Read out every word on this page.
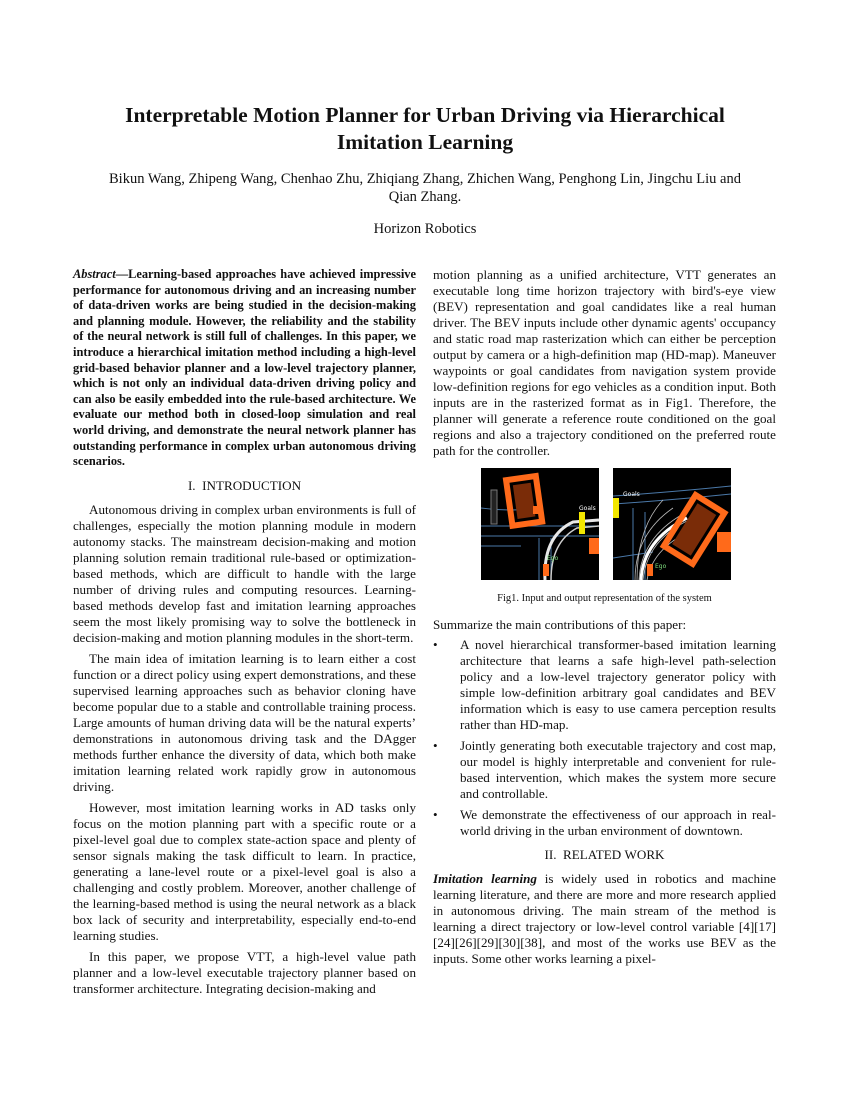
Interpretable Motion Planner for Urban Driving via Hierarchical Imitation Learning

Bikun Wang, Zhipeng Wang, Chenhao Zhu, Zhiqiang Zhang, Zhichen Wang, Penghong Lin, Jingchu Liu and Qian Zhang.

Horizon Robotics

Abstract—Learning-based approaches have achieved impressive performance for autonomous driving and an increasing number of data-driven works are being studied in the decision-making and planning module. However, the reliability and the stability of the neural network is still full of challenges. In this paper, we introduce a hierarchical imitation method including a high-level grid-based behavior planner and a low-level trajectory planner, which is not only an individual data-driven driving policy and can also be easily embedded into the rule-based architecture. We evaluate our method both in closed-loop simulation and real world driving, and demonstrate the neural network planner has outstanding performance in complex urban autonomous driving scenarios.

I. INTRODUCTION

Autonomous driving in complex urban environments is full of challenges, especially the motion planning module in modern autonomy stacks. The mainstream decision-making and motion planning solution remain traditional rule-based or optimization-based methods, which are difficult to handle with the large number of driving rules and computing resources. Learning-based methods develop fast and imitation learning approaches seem the most likely promising way to solve the bottleneck in decision-making and motion planning modules in the short-term.

The main idea of imitation learning is to learn either a cost function or a direct policy using expert demonstrations, and these supervised learning approaches such as behavior cloning have become popular due to a stable and controllable training process. Large amounts of human driving data will be the natural experts’ demonstrations in autonomous driving task and the DAgger methods further enhance the diversity of data, which both make imitation learning related work rapidly grow in autonomous driving.

However, most imitation learning works in AD tasks only focus on the motion planning part with a specific route or a pixel-level goal due to complex state-action space and plenty of sensor signals making the task difficult to learn. In practice, generating a lane-level route or a pixel-level goal is also a challenging and costly problem. Moreover, another challenge of the learning-based method is using the neural network as a black box lack of security and interpretability, especially end-to-end learning studies.

In this paper, we propose VTT, a high-level value path planner and a low-level executable trajectory planner based on transformer architecture. Integrating decision-making and

motion planning as a unified architecture, VTT generates an executable long time horizon trajectory with bird's-eye view (BEV) representation and goal candidates like a real human driver. The BEV inputs include other dynamic agents' occupancy and static road map rasterization which can either be perception output by camera or a high-definition map (HD-map). Maneuver waypoints or goal candidates from navigation system provide low-definition regions for ego vehicles as a condition input. Both inputs are in the rasterized format as in Fig1. Therefore, the planner will generate a reference route conditioned on the goal regions and also a trajectory conditioned on the preferred route path for the controller.

Goals
Ego
Goals
Ego

Fig1. Input and output representation of the system

Summarize the main contributions of this paper:

• A novel hierarchical transformer-based imitation learning architecture that learns a safe high-level path-selection policy and a low-level trajectory generator policy with simple low-definition arbitrary goal candidates and BEV information which is easy to use camera perception results rather than HD-map.
• Jointly generating both executable trajectory and cost map, our model is highly interpretable and convenient for rule-based intervention, which makes the system more secure and controllable.
• We demonstrate the effectiveness of our approach in real-world driving in the urban environment of downtown.

II. RELATED WORK

Imitation learning is widely used in robotics and machine learning literature, and there are more and more research applied in autonomous driving. The main stream of the method is learning a direct trajectory or low-level control variable [4][17][24][26][29][30][38], and most of the works use BEV as the inputs. Some other works learning a pixel-
